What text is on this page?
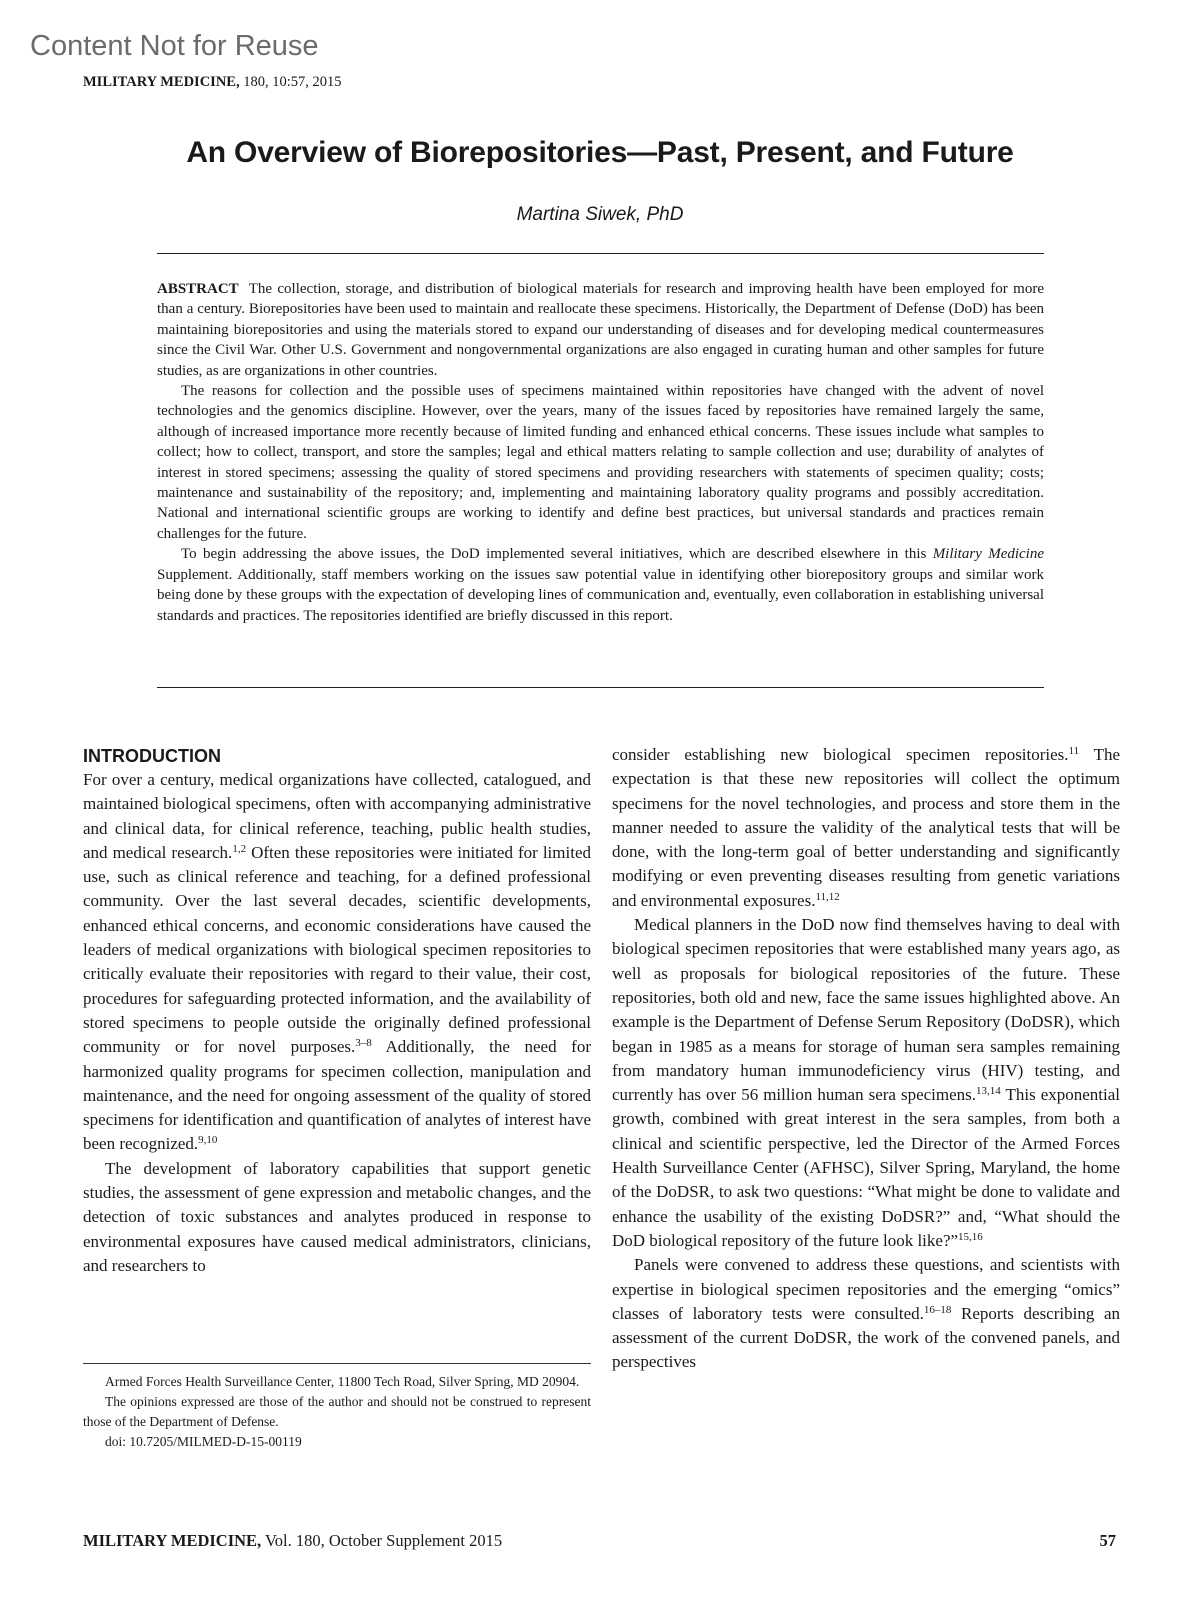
Content Not for Reuse
MILITARY MEDICINE, 180, 10:57, 2015
An Overview of Biorepositories—Past, Present, and Future
Martina Siwek, PhD

ABSTRACT The collection, storage, and distribution of biological materials for research and improving health have been employed for more than a century. Biorepositories have been used to maintain and reallocate these specimens. Historically, the Department of Defense (DoD) has been maintaining biorepositories and using the materials stored to expand our understanding of diseases and for developing medical countermeasures since the Civil War. Other U.S. Government and nongovernmental organizations are also engaged in curating human and other samples for future studies, as are organizations in other countries.

The reasons for collection and the possible uses of specimens maintained within repositories have changed with the advent of novel technologies and the genomics discipline. However, over the years, many of the issues faced by repositories have remained largely the same, although of increased importance more recently because of limited funding and enhanced ethical concerns. These issues include what samples to collect; how to collect, transport, and store the samples; legal and ethical matters relating to sample collection and use; durability of analytes of interest in stored specimens; assessing the quality of stored specimens and providing researchers with statements of specimen quality; costs; maintenance and sustainability of the repository; and, implementing and maintaining laboratory quality programs and possibly accreditation. National and international scientific groups are working to identify and define best practices, but universal standards and practices remain challenges for the future.

To begin addressing the above issues, the DoD implemented several initiatives, which are described elsewhere in this Military Medicine Supplement. Additionally, staff members working on the issues saw potential value in identifying other biorepository groups and similar work being done by these groups with the expectation of developing lines of communication and, eventually, even collaboration in establishing universal standards and practices. The repositories identified are briefly discussed in this report.

INTRODUCTION

For over a century, medical organizations have collected, catalogued, and maintained biological specimens, often with accompanying administrative and clinical data, for clinical reference, teaching, public health studies, and medical research.$^{1,2}$ Often these repositories were initiated for limited use, such as clinical reference and teaching, for a defined professional community. Over the last several decades, scientific developments, enhanced ethical concerns, and economic considerations have caused the leaders of medical organizations with biological specimen repositories to critically evaluate their repositories with regard to their value, their cost, procedures for safeguarding protected information, and the availability of stored specimens to people outside the originally defined professional community or for novel purposes.$^{3-8}$ Additionally, the need for harmonized quality programs for specimen collection, manipulation and maintenance, and the need for ongoing assessment of the quality of stored specimens for identification and quantification of analytes of interest have been recognized.$^{9,10}$

The development of laboratory capabilities that support genetic studies, the assessment of gene expression and metabolic changes, and the detection of toxic substances and analytes produced in response to environmental exposures have caused medical administrators, clinicians, and researchers to

consider establishing new biological specimen repositories.$^{11}$ The expectation is that these new repositories will collect the optimum specimens for the novel technologies, and process and store them in the manner needed to assure the validity of the analytical tests that will be done, with the long-term goal of better understanding and significantly modifying or even preventing diseases resulting from genetic variations and environmental exposures.$^{11,12}$

Medical planners in the DoD now find themselves having to deal with biological specimen repositories that were established many years ago, as well as proposals for biological repositories of the future. These repositories, both old and new, face the same issues highlighted above. An example is the Department of Defense Serum Repository (DoDSR), which began in 1985 as a means for storage of human sera samples remaining from mandatory human immunodeficiency virus (HIV) testing, and currently has over 56 million human sera specimens.$^{13,14}$ This exponential growth, combined with great interest in the sera samples, from both a clinical and scientific perspective, led the Director of the Armed Forces Health Surveillance Center (AFHSC), Silver Spring, Maryland, the home of the DoDSR, to ask two questions: “What might be done to validate and enhance the usability of the existing DoDSR?” and, “What should the DoD biological repository of the future look like?”$^{15,16}$

Panels were convened to address these questions, and scientists with expertise in biological specimen repositories and the emerging “omics” classes of laboratory tests were consulted.$^{16-18}$ Reports describing an assessment of the current DoDSR, the work of the convened panels, and perspectives

Armed Forces Health Surveillance Center, 11800 Tech Road, Silver Spring, MD 20904.

The opinions expressed are those of the author and should not be construed to represent those of the Department of Defense.

doi: 10.7205/MILMED-D-15-00119

MILITARY MEDICINE, Vol. 180, October Supplement 2015	57
